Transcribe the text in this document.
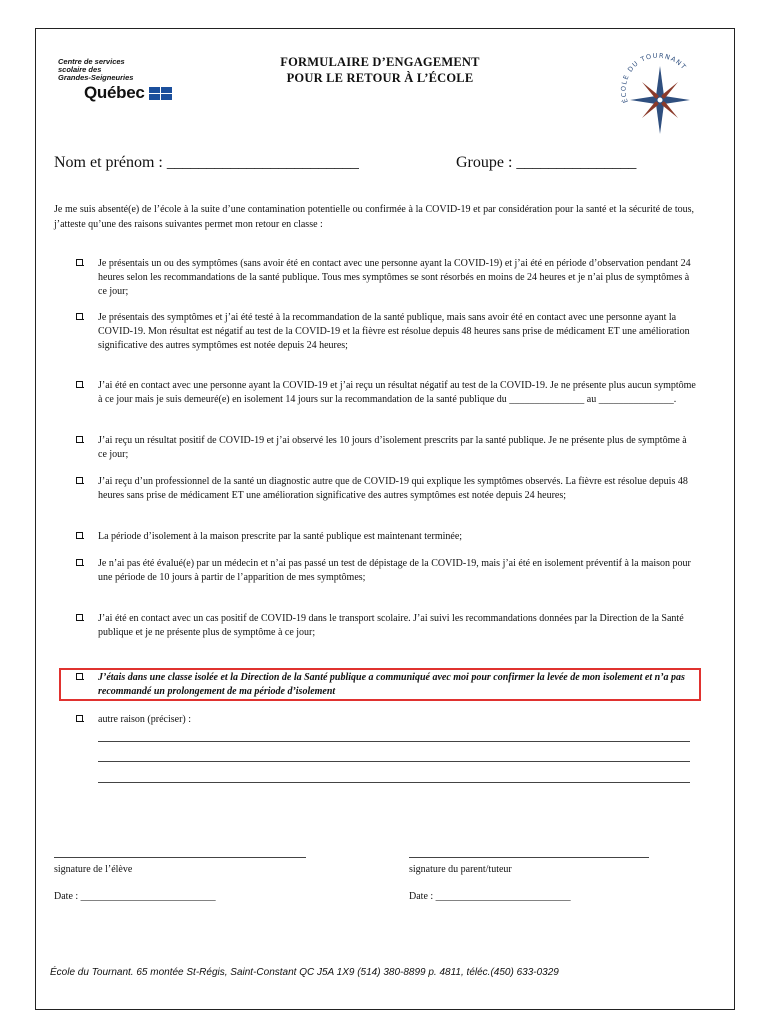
Centre de services
scolaire des
Grandes-Seigneuries
Québec
FORMULAIRE D’ENGAGEMENT
POUR LE RETOUR À L’ÉCOLE
ÉCOLE DU TOURNANT
Nom et prénom : ________________________	Groupe : _______________
Je me suis absenté(e) de l’école à la suite d’une contamination potentielle ou confirmée à la COVID-19 et par considération pour la santé et la sécurité de tous, j’atteste qu’une des raisons suivantes permet mon retour en classe :
Je présentais un ou des symptômes (sans avoir été en contact avec une personne ayant la COVID-19) et j’ai été en période d’observation pendant 24 heures selon les recommandations de la santé publique. Tous mes symptômes se sont résorbés en moins de 24 heures et je n’ai plus de symptômes à ce jour;
Je présentais des symptômes et j’ai été testé à la recommandation de la santé publique, mais sans avoir été en contact avec une personne ayant la COVID-19. Mon résultat est négatif au test de la COVID-19 et la fièvre est résolue depuis 48 heures sans prise de médicament ET une amélioration significative des autres symptômes est notée depuis 24 heures;
J’ai été en contact avec une personne ayant la COVID-19 et j’ai reçu un résultat négatif au test de la COVID-19. Je ne présente plus aucun symptôme à ce jour mais je suis demeuré(e) en isolement 14 jours sur la recommandation de la santé publique du _______________ au _______________.
J’ai reçu un résultat positif de COVID-19 et j’ai observé les 10 jours d’isolement prescrits par la santé publique. Je ne présente plus de symptôme à ce jour;
J’ai reçu d’un professionnel de la santé un diagnostic autre que de COVID-19 qui explique les symptômes observés. La fièvre est résolue depuis 48 heures sans prise de médicament ET une amélioration significative des autres symptômes est notée depuis 24 heures;
La période d’isolement à la maison prescrite par la santé publique est maintenant terminée;
Je n’ai pas été évalué(e) par un médecin et n’ai pas passé un test de dépistage de la COVID-19, mais j’ai été en isolement préventif à la maison pour une période de 10 jours à partir de l’apparition de mes symptômes;
J’ai été en contact avec un cas positif de COVID-19 dans le transport scolaire. J’ai suivi les recommandations données par la Direction de la Santé publique et je ne présente plus de symptôme à ce jour;
J’étais dans une classe isolée et la Direction de la Santé publique a communiqué avec moi pour confirmer la levée de mon isolement et n’a pas recommandé un prolongement de ma période d’isolement
autre raison (préciser) :
signature de l’élève	signature du parent/tuteur
Date : ___________________________	Date : ___________________________
École du Tournant. 65 montée St-Régis, Saint-Constant QC J5A 1X9 (514) 380-8899 p. 4811, téléc.(450) 633-0329
